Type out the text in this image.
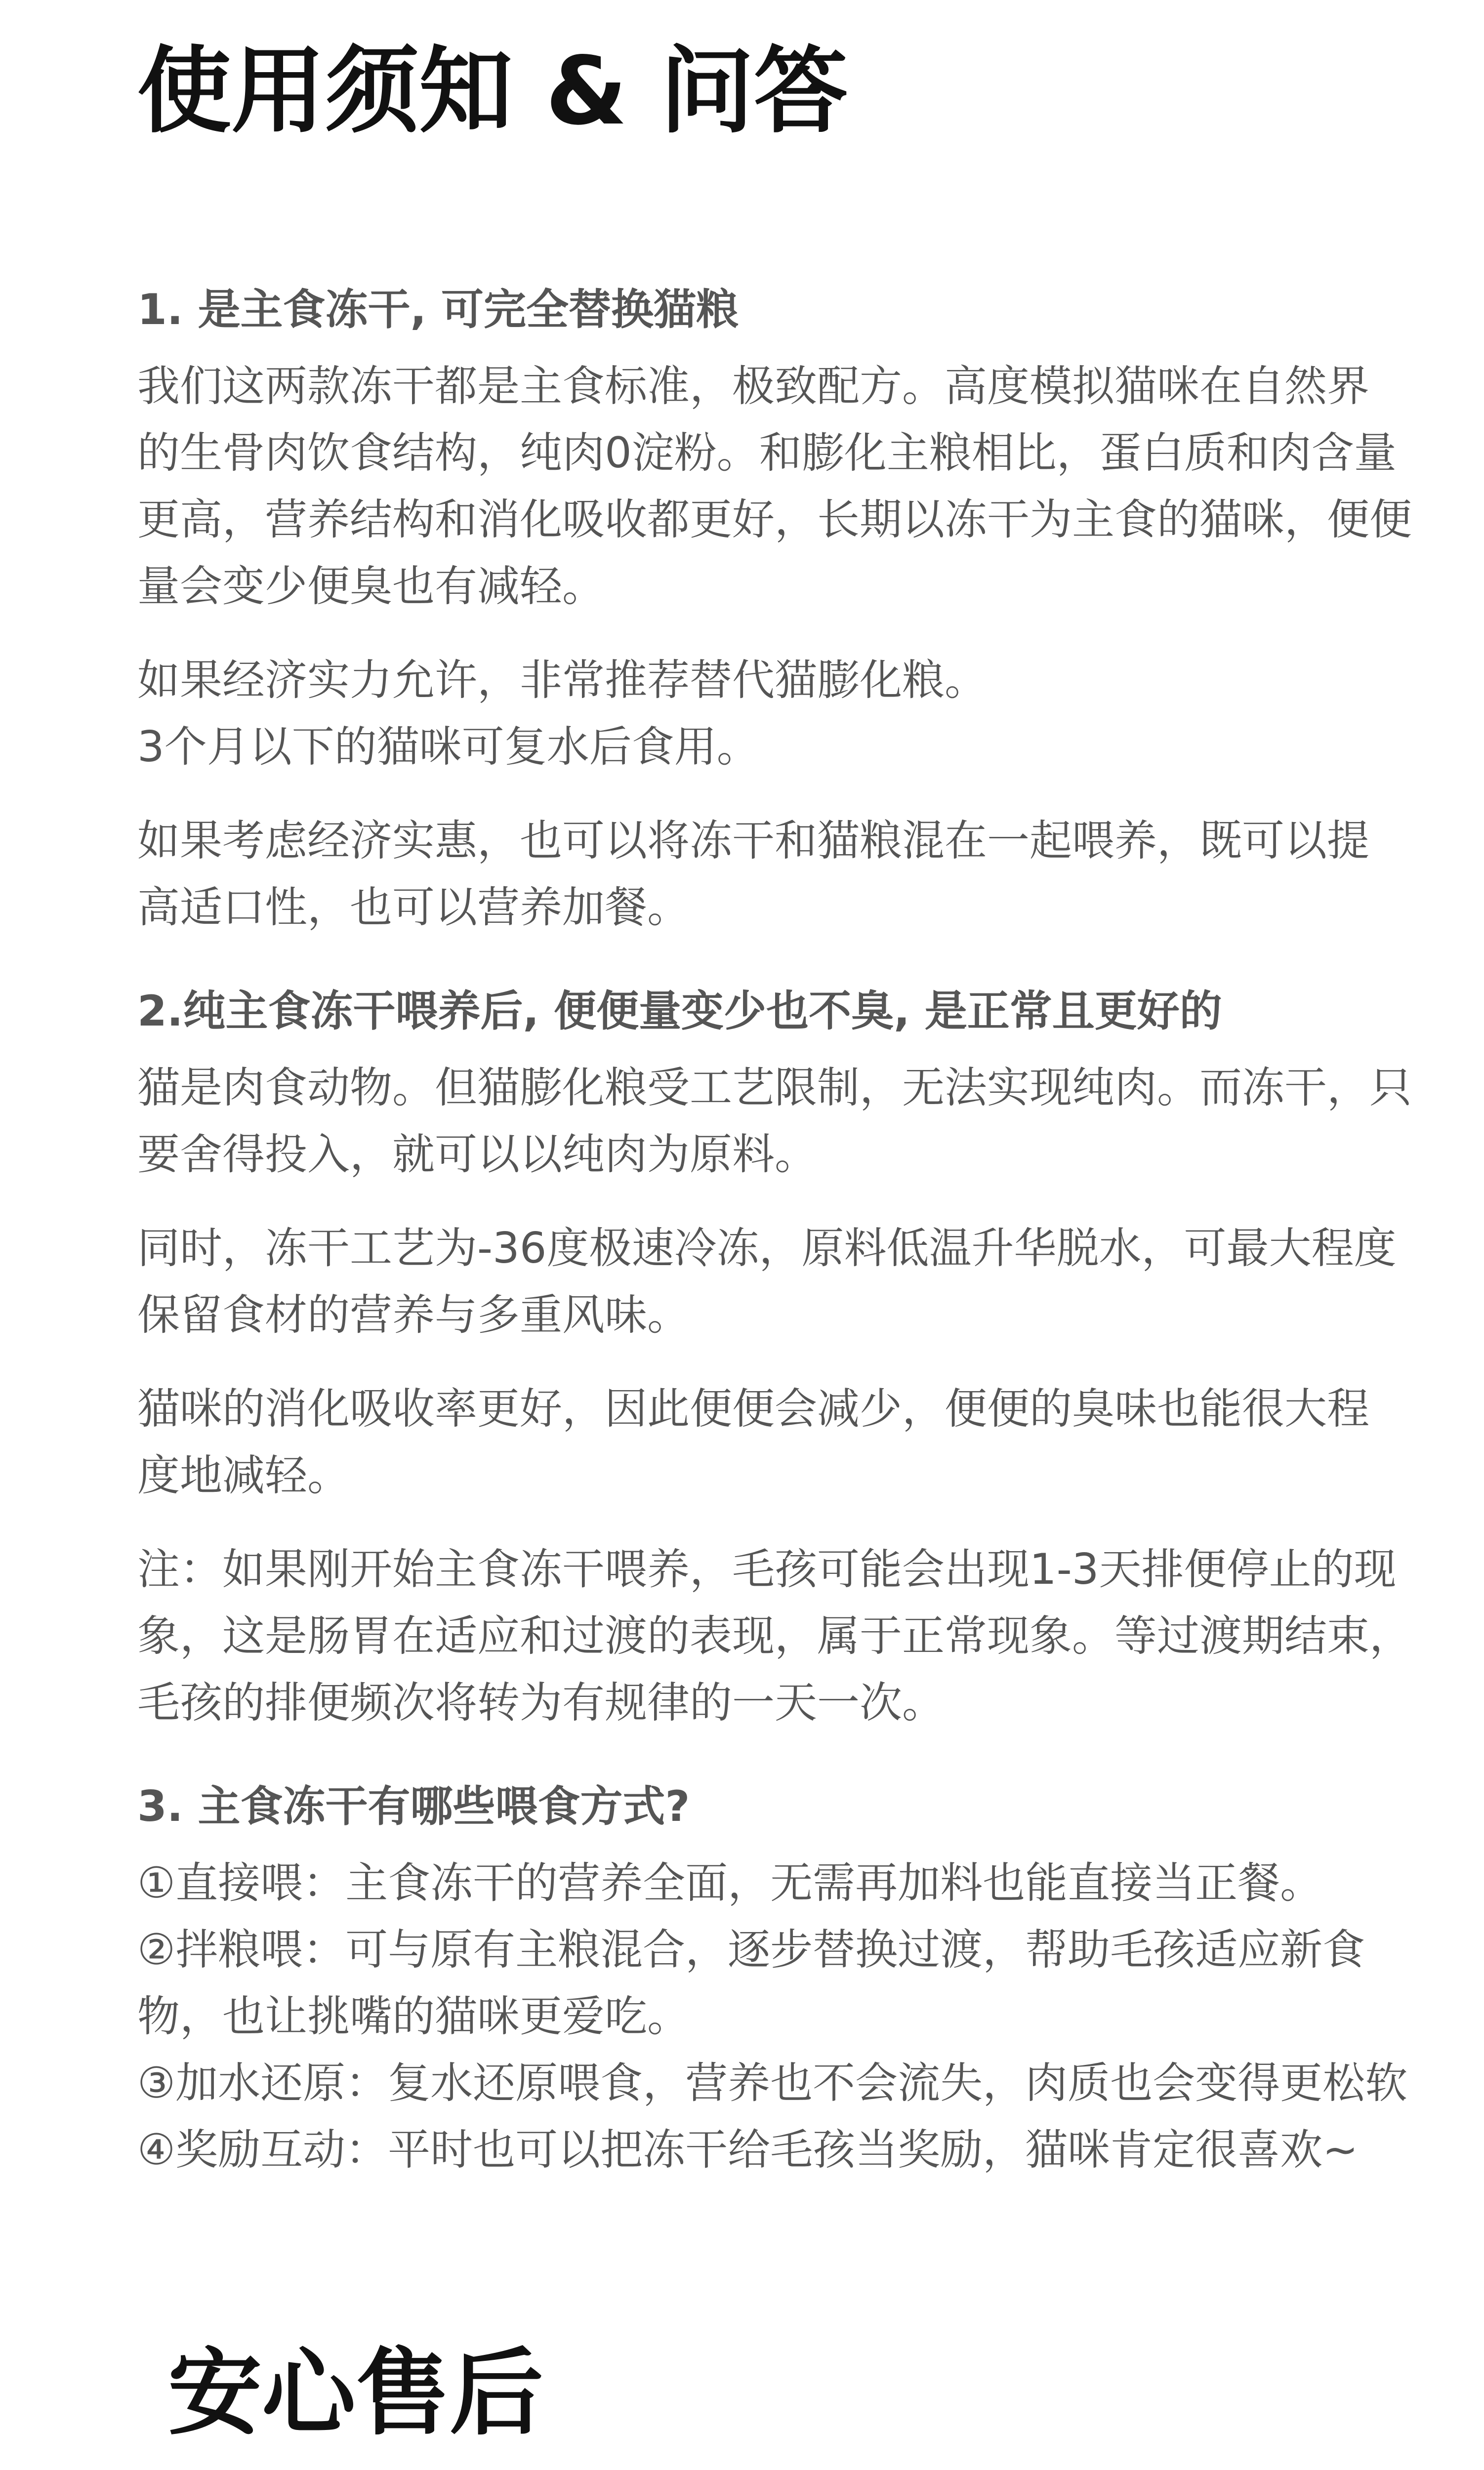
使用须知 & 问答
1. 是主食冻干, 可完全替换猫粮

我们这两款冻干都是主食标准，极致配方。高度模拟猫咪在自然界
的生骨肉饮食结构，纯肉0淀粉。和膨化主粮相比，蛋白质和肉含量
更高，营养结构和消化吸收都更好，长期以冻干为主食的猫咪，便便
量会变少便臭也有减轻。

如果经济实力允许，非常推荐替代猫膨化粮。
3个月以下的猫咪可复水后食用。

如果考虑经济实惠，也可以将冻干和猫粮混在一起喂养，既可以提
高适口性，也可以营养加餐。

2.纯主食冻干喂养后, 便便量变少也不臭, 是正常且更好的

猫是肉食动物。但猫膨化粮受工艺限制，无法实现纯肉。而冻干，只
要舍得投入，就可以以纯肉为原料。

同时，冻干工艺为-36度极速冷冻，原料低温升华脱水，可最大程度
保留食材的营养与多重风味。

猫咪的消化吸收率更好，因此便便会减少，便便的臭味也能很大程
度地减轻。

注：如果刚开始主食冻干喂养，毛孩可能会出现1-3天排便停止的现
象，这是肠胃在适应和过渡的表现，属于正常现象。等过渡期结束，
毛孩的排便频次将转为有规律的一天一次。

3. 主食冻干有哪些喂食方式?

①直接喂：主食冻干的营养全面，无需再加料也能直接当正餐。
②拌粮喂：可与原有主粮混合，逐步替换过渡，帮助毛孩适应新食
物，也让挑嘴的猫咪更爱吃。
③加水还原：复水还原喂食，营养也不会流失，肉质也会变得更松软
④奖励互动：平时也可以把冻干给毛孩当奖励，猫咪肯定很喜欢~

安心售后
